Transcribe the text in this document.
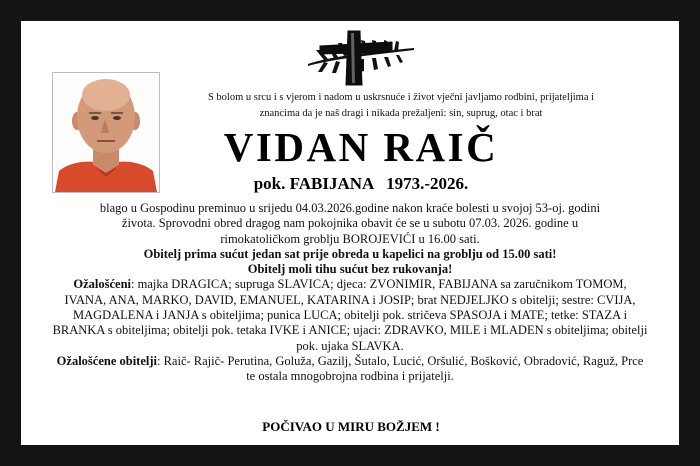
S bolom u srcu i s vjerom i nadom u uskrsnuće i život vječni javljamo rodbini, prijateljima i
znancima da je naš dragi i nikada prežaljeni: sin, suprug, otac i brat
VIDAN RAIČ
pok. FABIJANA   1973.-2026.

blago u Gospodinu preminuo u srijedu 04.03.2026.godine nakon kraće bolesti u svojoj 53-oj. godini

života. Sprovodni obred dragog nam pokojnika obavit će se u subotu 07.03. 2026. godine u

rimokatoličkom groblju BOROJEVIĆI u 16.00 sati.

Obitelj prima sućut jedan sat prije obreda u kapelici na groblju od 15.00 sati!

Obitelj moli tihu sućut bez rukovanja!

Ožalošćeni: majka DRAGICA; supruga SLAVICA; djeca: ZVONIMIR, FABIJANA sa zaručnikom TOMOM, IVANA, ANA, MARKO, DAVID, EMANUEL, KATARINA i JOSIP; brat NEDJELJKO s obitelji; sestre: CVIJA, MAGDALENA i JANJA s obiteljima; punica LUCA; obitelji pok. stričeva SPASOJA i MATE; tetke: STAZA i BRANKA s obiteljima; obitelji pok. tetaka IVKE i ANICE; ujaci: ZDRAVKO, MILE i MLADEN s obiteljima; obitelji pok. ujaka SLAVKA.

Ožalošćene obitelji: Raič- Rajič- Perutina, Goluža, Gazilj, Šutalo, Lucić, Oršulić, Bošković, Obradović, Raguž, Prce te ostala mnogobrojna rodbina i prijatelji.

POČIVAO U MIRU BOŽJEM !
